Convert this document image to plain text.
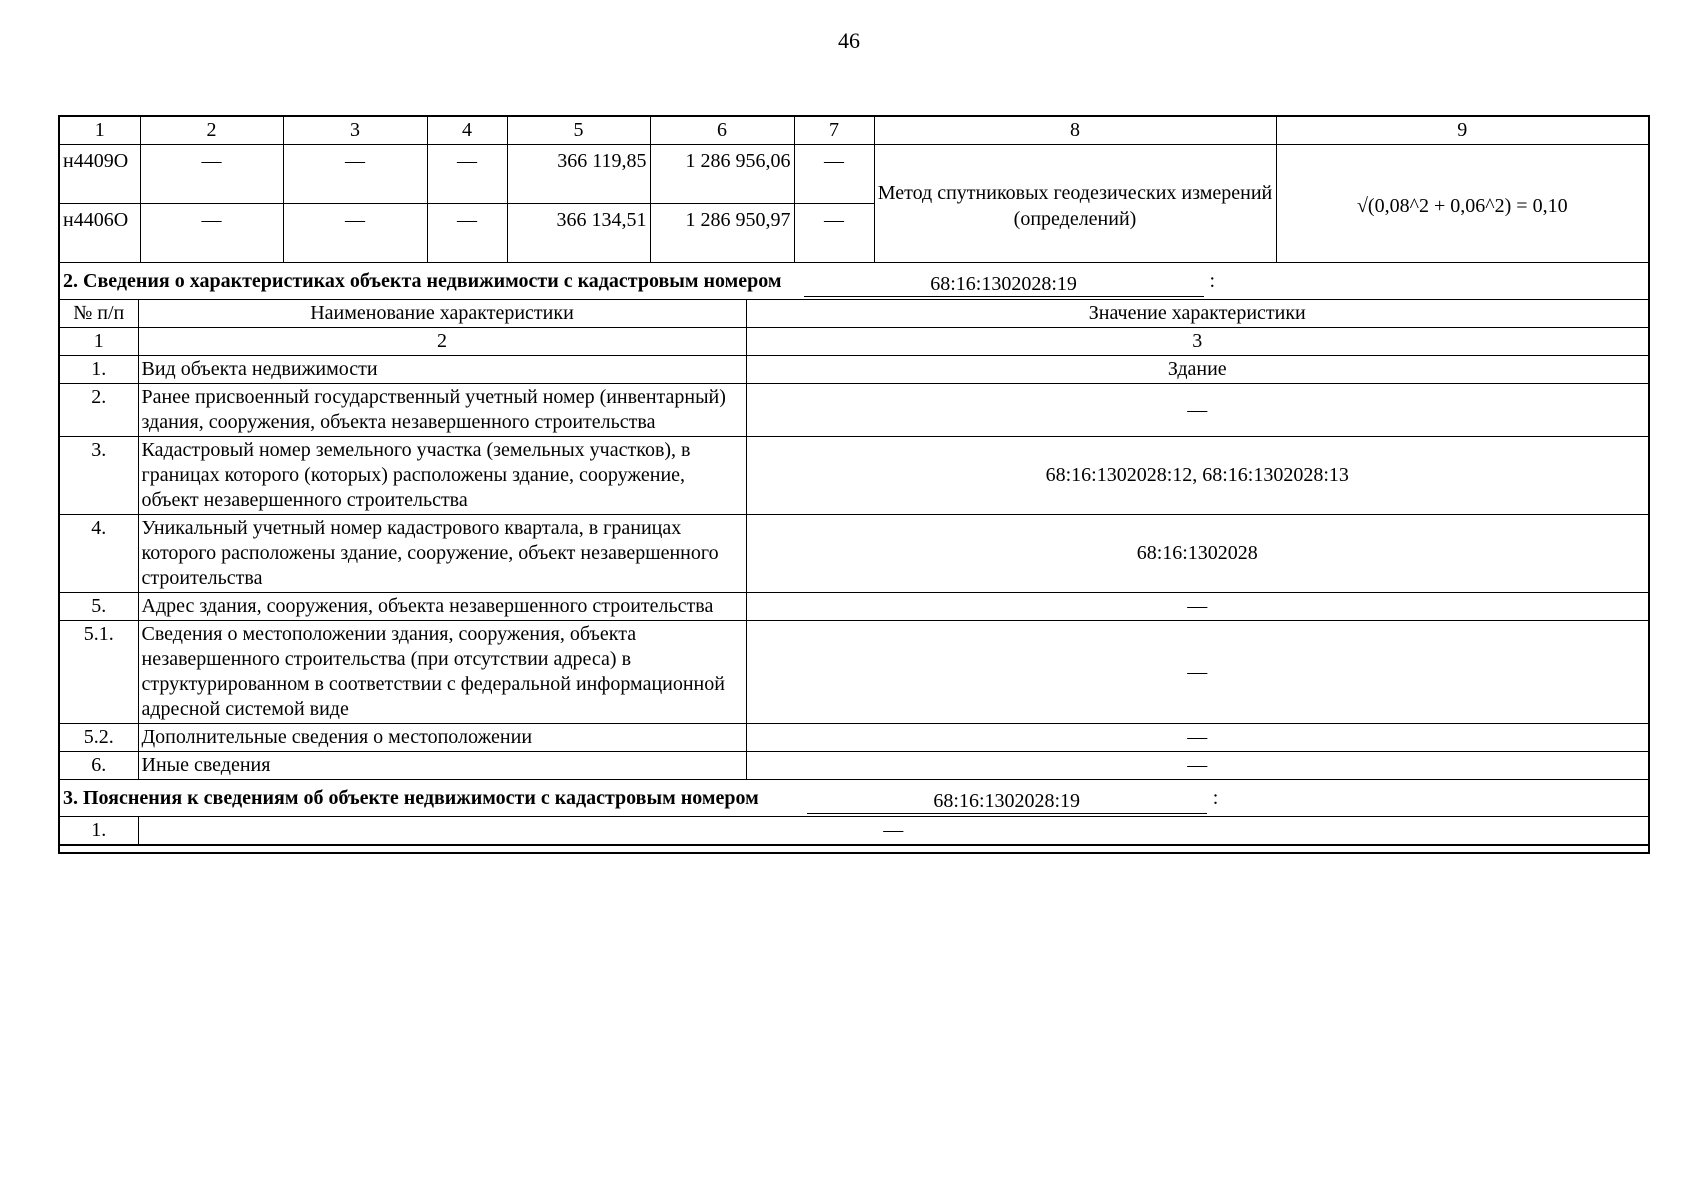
46
1	2	3	4	5	6	7	8	9
н4409О	—	—	—	366 119,85	1 286 956,06	—	Метод спутниковых геодезических измерений (определений)	√(0,08^2 + 0,06^2) = 0,10
н4406О	—	—	—	366 134,51	1 286 950,97	—		
2. Сведения о характеристиках объекта недвижимости с кадастровым номером 68:16:1302028:19 :		

№ п/п	Наименование характеристики	Значение характеристики
1	2	3
1.	Вид объекта недвижимости	Здание
2.	Ранее присвоенный государственный учетный номер (инвентарный) здания, сооружения, объекта незавершенного строительства	—
3.	Кадастровый номер земельного участка (земельных участков), в границах которого (которых) расположены здание, сооружение, объект незавершенного строительства	68:16:1302028:12, 68:16:1302028:13
4.	Уникальный учетный номер кадастрового квартала, в границах которого расположены здание, сооружение, объект незавершенного строительства	68:16:1302028
5.	Адрес здания, сооружения, объекта незавершенного строительства	—
5.1.	Сведения о местоположении здания, сооружения, объекта незавершенного строительства (при отсутствии адреса) в структурированном в соответствии с федеральной информационной адресной системой виде	—
5.2.	Дополнительные сведения о местоположении	—
6.	Иные сведения	—
3. Пояснения к сведениям об объекте недвижимости с кадастровым номером	68:16:1302028:19	:

1.	—
